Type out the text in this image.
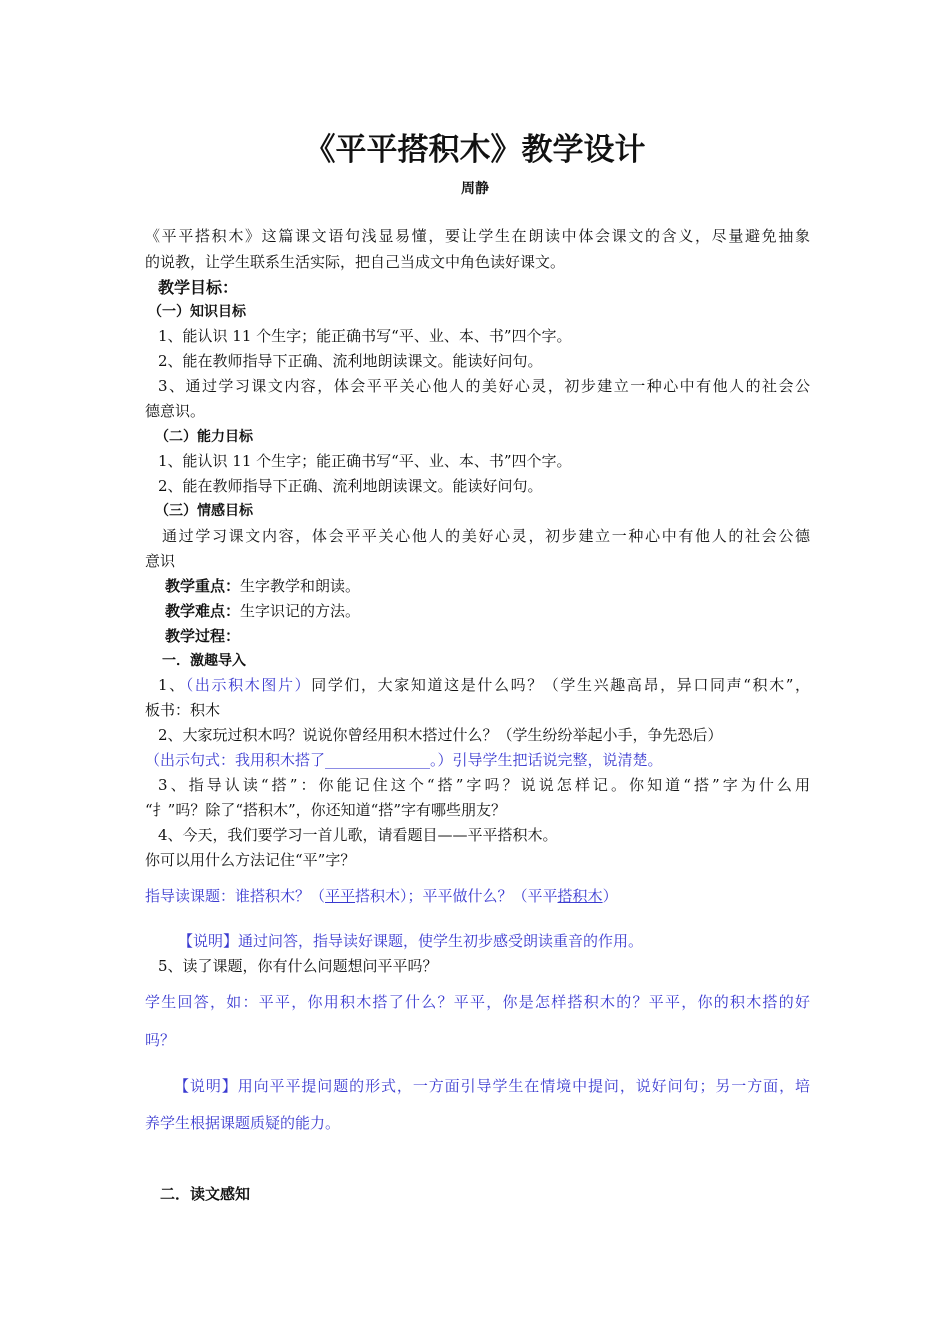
《平平搭积木》教学设计
周静
《平平搭积木》这篇课文语句浅显易懂，要让学生在朗读中体会课文的含义，尽量避免抽象
的说教，让学生联系生活实际，把自己当成文中角色读好课文。
教学目标：
（一）知识目标
1、能认识 11 个生字；能正确书写“平、业、本、书”四个字。
2、能在教师指导下正确、流利地朗读课文。能读好问句。
3、通过学习课文内容，体会平平关心他人的美好心灵，初步建立一种心中有他人的社会公
德意识。
（二）能力目标
1、能认识 11 个生字；能正确书写“平、业、本、书”四个字。
2、能在教师指导下正确、流利地朗读课文。能读好问句。
（三）情感目标
通过学习课文内容，体会平平关心他人的美好心灵，初步建立一种心中有他人的社会公德
意识
教学重点：生字教学和朗读。
教学难点：生字识记的方法。
教学过程：
一．激趣导入
1、（出示积木图片）同学们，大家知道这是什么吗？（学生兴趣高昂，异口同声“积木”，
板书：积木
2、大家玩过积木吗？说说你曾经用积木搭过什么？（学生纷纷举起小手，争先恐后）
（出示句式：我用积木搭了______________。）引导学生把话说完整，说清楚。
3、指导认读“搭”：你能记住这个“搭”字吗？说说怎样记。你知道“搭”字为什么用
“扌”吗？除了“搭积木”，你还知道“搭”字有哪些朋友？
4、今天，我们要学习一首儿歌，请看题目——平平搭积木。
你可以用什么方法记住“平”字？
指导读课题：谁搭积木？（平平搭积木）；平平做什么？（平平搭积木）
【说明】通过问答，指导读好课题，使学生初步感受朗读重音的作用。
5、读了课题，你有什么问题想问平平吗？
学生回答，如：平平，你用积木搭了什么？平平，你是怎样搭积木的？平平，你的积木搭的好
吗？
【说明】用向平平提问题的形式，一方面引导学生在情境中提问，说好问句；另一方面，培
养学生根据课题质疑的能力。
二．读文感知
